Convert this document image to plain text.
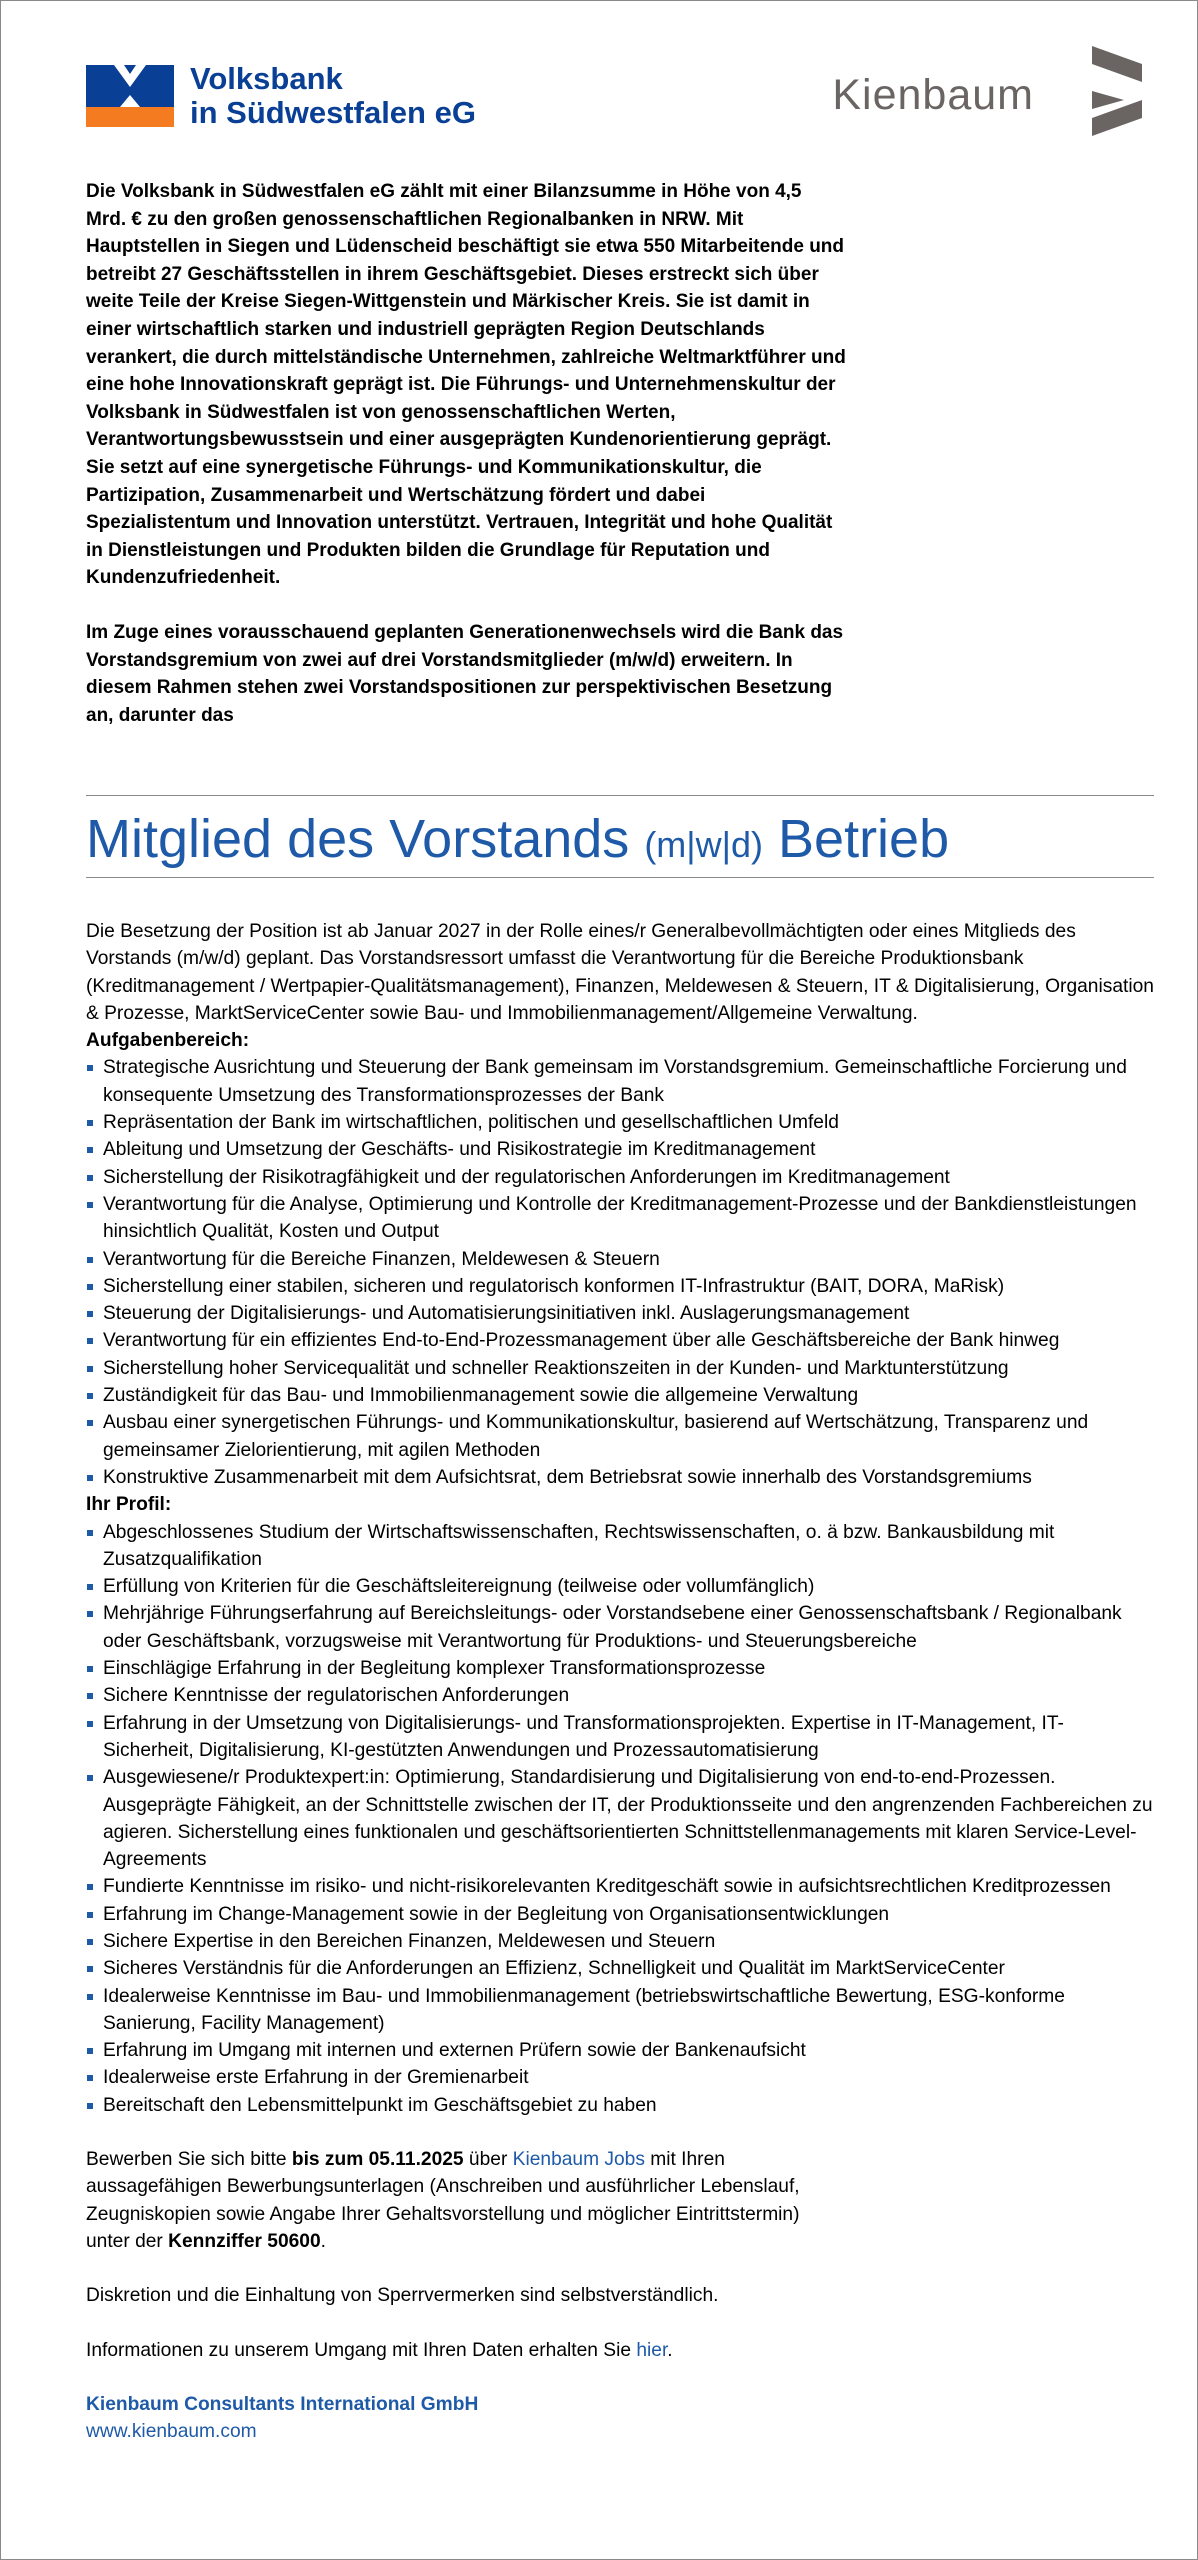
Volksbank
in Südwestfalen eG	Kienbaum

Die Volksbank in Südwestfalen eG zählt mit einer Bilanzsumme in Höhe von 4,5 Mrd. € zu den großen genossenschaftlichen Regionalbanken in NRW. Mit Hauptstellen in Siegen und Lüdenscheid beschäftigt sie etwa 550 Mitarbeitende und betreibt 27 Geschäftsstellen in ihrem Geschäftsgebiet. Dieses erstreckt sich über weite Teile der Kreise Siegen-Wittgenstein und Märkischer Kreis. Sie ist damit in einer wirtschaftlich starken und industriell geprägten Region Deutschlands verankert, die durch mittelständische Unternehmen, zahlreiche Weltmarktführer und eine hohe Innovationskraft geprägt ist. Die Führungs- und Unternehmenskultur der Volksbank in Südwestfalen ist von genossenschaftlichen Werten, Verantwortungsbewusstsein und einer ausgeprägten Kundenorientierung geprägt. Sie setzt auf eine synergetische Führungs- und Kommunikationskultur, die Partizipation, Zusammenarbeit und Wertschätzung fördert und dabei Spezialistentum und Innovation unterstützt. Vertrauen, Integrität und hohe Qualität in Dienstleistungen und Produkten bilden die Grundlage für Reputation und Kundenzufriedenheit.

Im Zuge eines vorausschauend geplanten Generationenwechsels wird die Bank das Vorstandsgremium von zwei auf drei Vorstandsmitglieder (m/w/d) erweitern. In diesem Rahmen stehen zwei Vorstandspositionen zur perspektivischen Besetzung an, darunter das

Mitglied des Vorstands (m|w|d) Betrieb

Die Besetzung der Position ist ab Januar 2027 in der Rolle eines/r Generalbevollmächtigten oder eines Mitglieds des Vorstands (m/w/d) geplant. Das Vorstandsressort umfasst die Verantwortung für die Bereiche Produktionsbank (Kreditmanagement / Wertpapier-Qualitätsmanagement), Finanzen, Meldewesen & Steuern, IT & Digitalisierung, Organisation & Prozesse, MarktServiceCenter sowie Bau- und Immobilienmanagement/Allgemeine Verwaltung.

Aufgabenbereich:

Strategische Ausrichtung und Steuerung der Bank gemeinsam im Vorstandsgremium. Gemeinschaftliche Forcierung und konsequente Umsetzung des Transformationsprozesses der Bank
Repräsentation der Bank im wirtschaftlichen, politischen und gesellschaftlichen Umfeld
Ableitung und Umsetzung der Geschäfts- und Risikostrategie im Kreditmanagement
Sicherstellung der Risikotragfähigkeit und der regulatorischen Anforderungen im Kreditmanagement
Verantwortung für die Analyse, Optimierung und Kontrolle der Kreditmanagement-Prozesse und der Bankdienstleistungen hinsichtlich Qualität, Kosten und Output
Verantwortung für die Bereiche Finanzen, Meldewesen & Steuern
Sicherstellung einer stabilen, sicheren und regulatorisch konformen IT-Infrastruktur (BAIT, DORA, MaRisk)
Steuerung der Digitalisierungs- und Automatisierungsinitiativen inkl. Auslagerungsmanagement
Verantwortung für ein effizientes End-to-End-Prozessmanagement über alle Geschäftsbereiche der Bank hinweg
Sicherstellung hoher Servicequalität und schneller Reaktionszeiten in der Kunden- und Marktunterstützung
Zuständigkeit für das Bau- und Immobilienmanagement sowie die allgemeine Verwaltung
Ausbau einer synergetischen Führungs- und Kommunikationskultur, basierend auf Wertschätzung, Transparenz und gemeinsamer Zielorientierung, mit agilen Methoden
Konstruktive Zusammenarbeit mit dem Aufsichtsrat, dem Betriebsrat sowie innerhalb des Vorstandsgremiums

Ihr Profil:

Abgeschlossenes Studium der Wirtschaftswissenschaften, Rechtswissenschaften, o. ä bzw. Bankausbildung mit Zusatzqualifikation
Erfüllung von Kriterien für die Geschäftsleitereignung (teilweise oder vollumfänglich)
Mehrjährige Führungserfahrung auf Bereichsleitungs- oder Vorstandsebene einer Genossenschaftsbank / Regionalbank oder Geschäftsbank, vorzugsweise mit Verantwortung für Produktions- und Steuerungsbereiche
Einschlägige Erfahrung in der Begleitung komplexer Transformationsprozesse
Sichere Kenntnisse der regulatorischen Anforderungen
Erfahrung in der Umsetzung von Digitalisierungs- und Transformationsprojekten. Expertise in IT-Management, IT-Sicherheit, Digitalisierung, KI-gestützten Anwendungen und Prozessautomatisierung
Ausgewiesene/r Produktexpert:in: Optimierung, Standardisierung und Digitalisierung von end-to-end-Prozessen. Ausgeprägte Fähigkeit, an der Schnittstelle zwischen der IT, der Produktionsseite und den angrenzenden Fachbereichen zu agieren. Sicherstellung eines funktionalen und geschäftsorientierten Schnittstellenmanagements mit klaren Service-Level-Agreements
Fundierte Kenntnisse im risiko- und nicht-risikorelevanten Kreditgeschäft sowie in aufsichtsrechtlichen Kreditprozessen
Erfahrung im Change-Management sowie in der Begleitung von Organisationsentwicklungen
Sichere Expertise in den Bereichen Finanzen, Meldewesen und Steuern
Sicheres Verständnis für die Anforderungen an Effizienz, Schnelligkeit und Qualität im MarktServiceCenter
Idealerweise Kenntnisse im Bau- und Immobilienmanagement (betriebswirtschaftliche Bewertung, ESG-konforme Sanierung, Facility Management)
Erfahrung im Umgang mit internen und externen Prüfern sowie der Bankenaufsicht
Idealerweise erste Erfahrung in der Gremienarbeit
Bereitschaft den Lebensmittelpunkt im Geschäftsgebiet zu haben

Bewerben Sie sich bitte bis zum 05.11.2025 über Kienbaum Jobs mit Ihren aussagefähigen Bewerbungsunterlagen (Anschreiben und ausführlicher Lebenslauf, Zeugniskopien sowie Angabe Ihrer Gehaltsvorstellung und möglicher Eintrittstermin) unter der Kennziffer 50600.

Diskretion und die Einhaltung von Sperrvermerken sind selbstverständlich.

Informationen zu unserem Umgang mit Ihren Daten erhalten Sie hier.

Kienbaum Consultants International GmbH

www.kienbaum.com
